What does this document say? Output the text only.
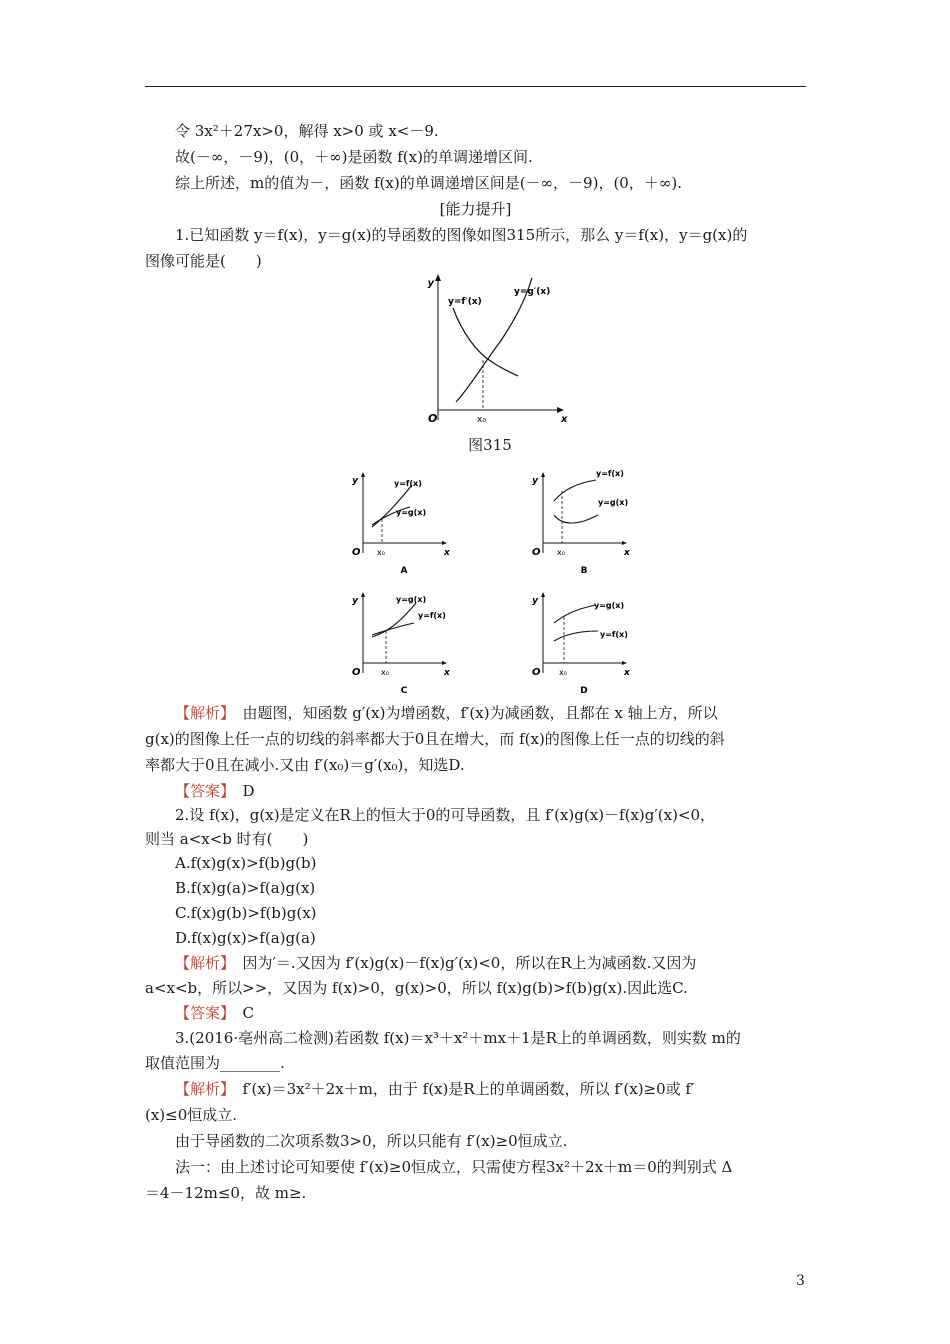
令 3x²＋27x>0，解得 x>0 或 x<－9.
故(－∞，－9)，(0，＋∞)是函数 f(x)的单调递增区间.
综上所述，m的值为－，函数 f(x)的单调递增区间是(－∞，－9)，(0，＋∞).
[能力提升]
1.已知函数 y＝f(x)，y＝g(x)的导函数的图像如图315所示，那么 y＝f(x)，y＝g(x)的
图像可能是(　　)
y
x
O	x₀
y=f′(x)
y=g′(x)
图315
y
x
O x₀
y=f(x)
y=g(x)
A
y
x
O x₀
y=f(x)
y=g(x)
B
y
x
O	x₀
y=g(x)
y=f(x)
C
y
x
O x₀
y=g(x)
y=f(x)
D
【解析】　由题图，知函数 g′(x)为增函数，f′(x)为减函数，且都在 x 轴上方，所以
g(x)的图像上任一点的切线的斜率都大于0且在增大，而 f(x)的图像上任一点的切线的斜
率都大于0且在减小.又由 f′(x₀)＝g′(x₀)，知选D.
【答案】　D
2.设 f(x)，g(x)是定义在R上的恒大于0的可导函数，且 f′(x)g(x)－f(x)g′(x)<0，
则当 a<x<b 时有(　　)
A.f(x)g(x)>f(b)g(b)
B.f(x)g(a)>f(a)g(x)
C.f(x)g(b)>f(b)g(x)
D.f(x)g(x)>f(a)g(a)
【解析】　因为′＝.又因为 f′(x)g(x)－f(x)g′(x)<0，所以在R上为减函数.又因为
a<x<b，所以>>，又因为 f(x)>0，g(x)>0，所以 f(x)g(b)>f(b)g(x).因此选C.
【答案】　C
3.(2016·亳州高二检测)若函数 f(x)＝x³＋x²＋mx＋1是R上的单调函数，则实数 m的
取值范围为________.
【解析】　f′(x)＝3x²＋2x＋m，由于 f(x)是R上的单调函数，所以 f′(x)≥0或 f′
(x)≤0恒成立.
由于导函数的二次项系数3>0，所以只能有 f′(x)≥0恒成立.
法一：由上述讨论可知要使 f′(x)≥0恒成立，只需使方程3x²＋2x＋m＝0的判别式 Δ
＝4－12m≤0，故 m≥.
3
